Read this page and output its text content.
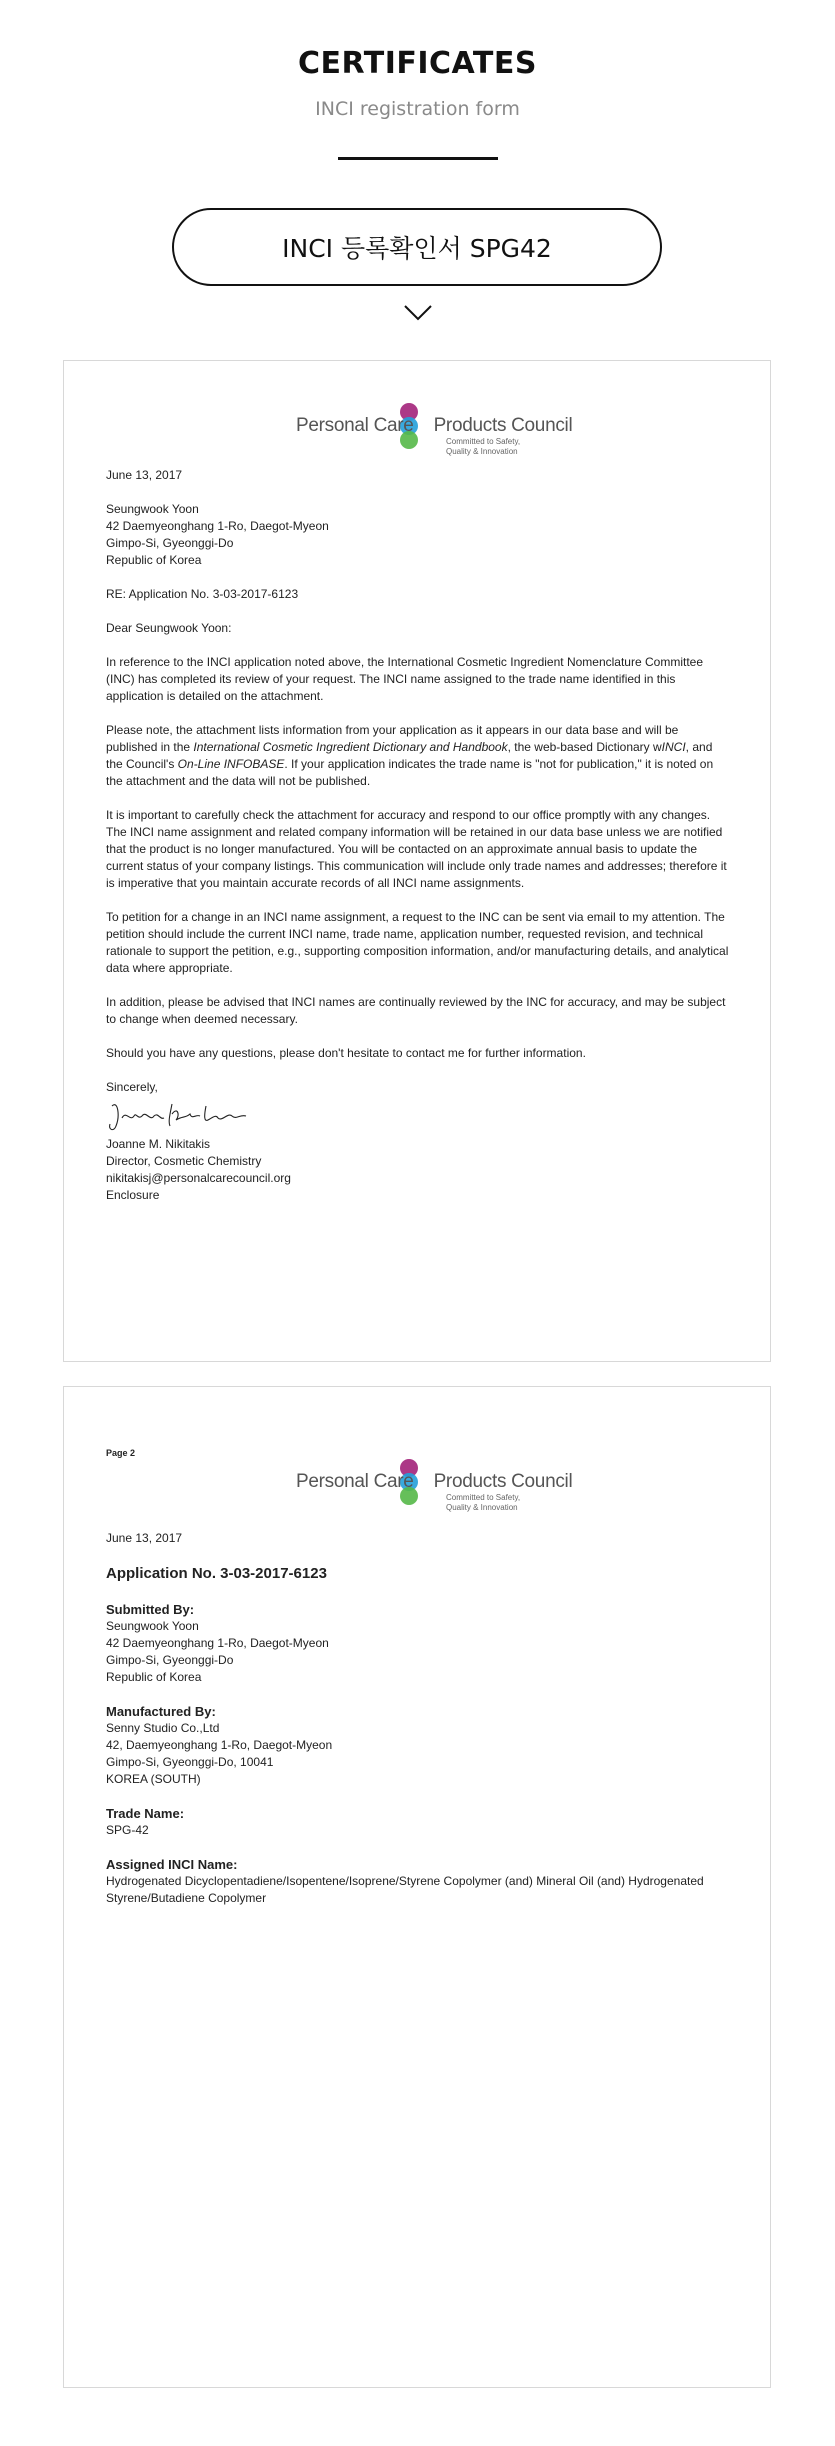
CERTIFICATES
INCI registration form
INCI 등록확인서 SPG42
Personal Care Products Council
Committed to Safety,
Quality & Innovation

June 13, 2017

Seungwook Yoon

42 Daemyeonghang 1-Ro, Daegot-Myeon

Gimpo-Si, Gyeonggi-Do

Republic of Korea

RE: Application No. 3-03-2017-6123

Dear Seungwook Yoon:

In reference to the INCI application noted above, the International Cosmetic Ingredient Nomenclature Committee (INC) has completed its review of your request. The INCI name assigned to the trade name identified in this application is detailed on the attachment.

Please note, the attachment lists information from your application as it appears in our data base and will be published in the International Cosmetic Ingredient Dictionary and Handbook, the web-based Dictionary wINCI, and the Council's On-Line INFOBASE. If your application indicates the trade name is "not for publication," it is noted on the attachment and the data will not be published.

It is important to carefully check the attachment for accuracy and respond to our office promptly with any changes. The INCI name assignment and related company information will be retained in our data base unless we are notified that the product is no longer manufactured. You will be contacted on an approximate annual basis to update the current status of your company listings. This communication will include only trade names and addresses; therefore it is imperative that you maintain accurate records of all INCI name assignments.

To petition for a change in an INCI name assignment, a request to the INC can be sent via email to my attention. The petition should include the current INCI name, trade name, application number, requested revision, and technical rationale to support the petition, e.g., supporting composition information, and/or manufacturing details, and analytical data where appropriate.

In addition, please be advised that INCI names are continually reviewed by the INC for accuracy, and may be subject to change when deemed necessary.

Should you have any questions, please don't hesitate to contact me for further information.

Sincerely,

Joanne M. Nikitakis

Director, Cosmetic Chemistry

nikitakisj@personalcarecouncil.org

Enclosure

Personal Care Products Council
Committed to Safety,
Quality & Innovation
Page 2

June 13, 2017

Application No. 3-03-2017-6123

Submitted By:

Seungwook Yoon

42 Daemyeonghang 1-Ro, Daegot-Myeon

Gimpo-Si, Gyeonggi-Do

Republic of Korea

Manufactured By:

Senny Studio Co.,Ltd

42, Daemyeonghang 1-Ro, Daegot-Myeon

Gimpo-Si, Gyeonggi-Do, 10041

KOREA (SOUTH)

Trade Name:

SPG-42

Assigned INCI Name:

Hydrogenated Dicyclopentadiene/Isopentene/Isoprene/Styrene Copolymer (and) Mineral Oil (and) Hydrogenated Styrene/Butadiene Copolymer
